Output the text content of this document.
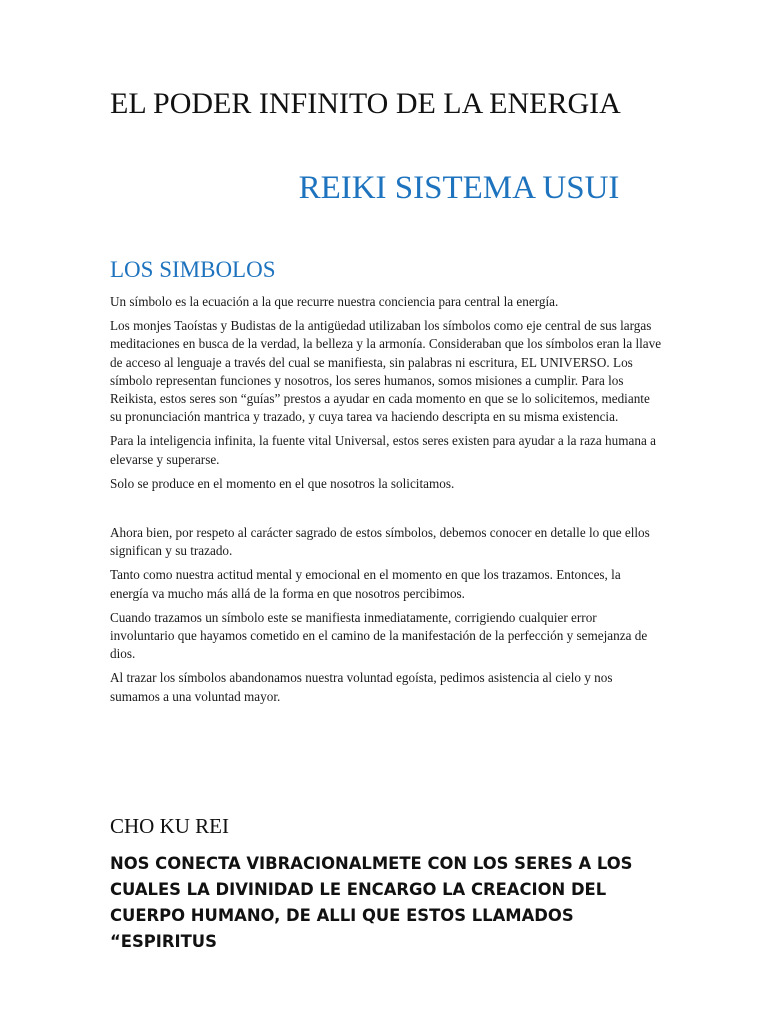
EL PODER INFINITO DE LA ENERGIA
REIKI SISTEMA USUI
LOS SIMBOLOS

Un símbolo es la ecuación a la que recurre nuestra conciencia para central la energía.

Los monjes Taoístas y Budistas de la antigüedad utilizaban los símbolos como eje central de sus largas meditaciones en busca de la verdad, la belleza y la armonía. Consideraban que los símbolos eran la llave de acceso al lenguaje a través del cual se manifiesta, sin palabras ni escritura, EL UNIVERSO. Los símbolo representan funciones y nosotros, los seres humanos, somos misiones a cumplir. Para los Reikista, estos seres son “guías” prestos a ayudar en cada momento en que se lo solicitemos, mediante su pronunciación mantrica y trazado, y cuya tarea va haciendo descripta en su misma existencia.

Para la inteligencia infinita, la fuente vital Universal, estos seres existen para ayudar a la raza humana a elevarse y superarse.

Solo se produce en el momento en el que nosotros la solicitamos.

Ahora bien, por respeto al carácter sagrado de estos símbolos, debemos conocer en detalle lo que ellos significan y su trazado.

Tanto como nuestra actitud mental y emocional en el momento en que los trazamos. Entonces, la energía va mucho más allá de la forma en que nosotros percibimos.

Cuando trazamos un símbolo este se manifiesta inmediatamente, corrigiendo cualquier error involuntario que hayamos cometido en el camino de la manifestación de la perfección y semejanza de dios.

Al trazar los símbolos abandonamos nuestra voluntad egoísta, pedimos asistencia al cielo y nos sumamos a una voluntad mayor.

CHO KU REI

NOS CONECTA VIBRACIONALMETE CON LOS SERES A LOS CUALES LA DIVINIDAD LE ENCARGO LA CREACION DEL CUERPO HUMANO, DE ALLI QUE ESTOS LLAMADOS “ESPIRITUS
